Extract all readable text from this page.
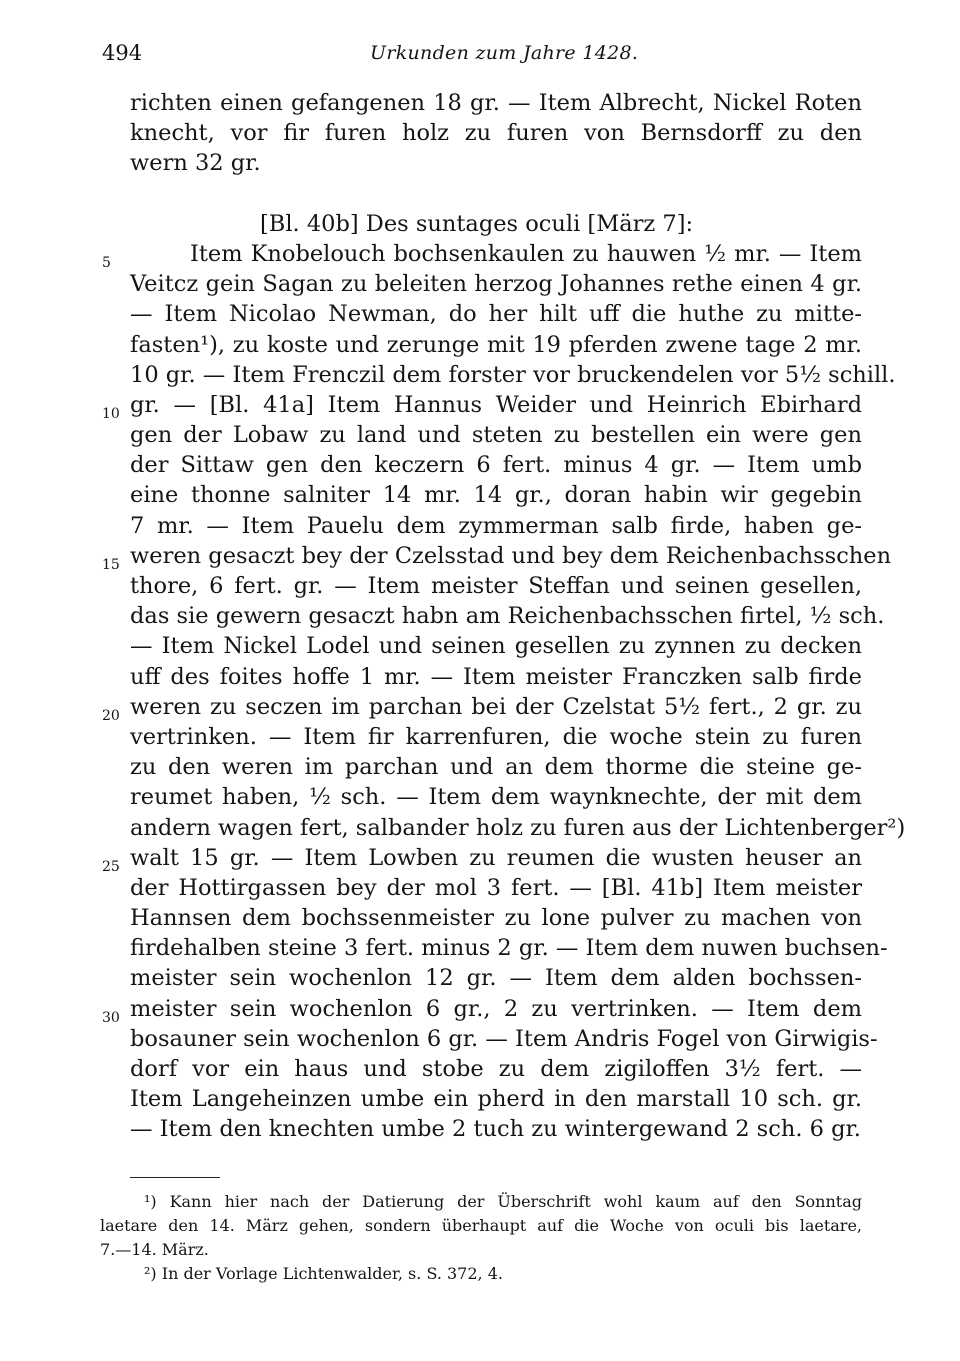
494	Urkunden zum Jahre 1428.
richten einen gefangenen 18 gr. — Item Albrecht, Nickel Roten
knecht, vor fir furen holz zu furen von Bernsdorff zu den
wern 32 gr.
[Bl. 40b] Des suntages oculi [März 7]:
Item Knobelouch bochsenkaulen zu hauwen ½ mr. — Item
Veitcz gein Sagan zu beleiten herzog Johannes rethe einen 4 gr.
— Item Nicolao Newman, do her hilt uff die huthe zu mitte-
fasten¹), zu koste und zerunge mit 19 pferden zwene tage 2 mr.
10 gr. — Item Frenczil dem forster vor bruckendelen vor 5½ schill.
gr. — [Bl. 41a] Item Hannus Weider und Heinrich Ebirhard
gen der Lobaw zu land und steten zu bestellen ein were gen
der Sittaw gen den keczern 6 fert. minus 4 gr. — Item umb
eine thonne salniter 14 mr. 14 gr., doran habin wir gegebin
7 mr. — Item Pauelu dem zymmerman salb firde, haben ge-
weren gesaczt bey der Czelsstad und bey dem Reichenbachsschen
thore, 6 fert. gr. — Item meister Steffan und seinen gesellen,
das sie gewern gesaczt habn am Reichenbachsschen firtel, ½ sch.
— Item Nickel Lodel und seinen gesellen zu zynnen zu decken
uff des foites hoffe 1 mr. — Item meister Franczken salb firde
weren zu seczen im parchan bei der Czelstat 5½ fert., 2 gr. zu
vertrinken. — Item fir karrenfuren, die woche stein zu furen
zu den weren im parchan und an dem thorme die steine ge-
reumet haben, ½ sch. — Item dem waynknechte, der mit dem
andern wagen fert, salbander holz zu furen aus der Lichtenberger²)
walt 15 gr. — Item Lowben zu reumen die wusten heuser an
der Hottirgassen bey der mol 3 fert. — [Bl. 41b] Item meister
Hannsen dem bochssenmeister zu lone pulver zu machen von
firdehalben steine 3 fert. minus 2 gr. — Item dem nuwen buchsen-
meister sein wochenlon 12 gr. — Item dem alden bochssen-
meister sein wochenlon 6 gr., 2 zu vertrinken. — Item dem
bosauner sein wochenlon 6 gr. — Item Andris Fogel von Girwigis-
dorf vor ein haus und stobe zu dem zigiloffen 3½ fert. —
Item Langeheinzen umbe ein pherd in den marstall 10 sch. gr.
— Item den knechten umbe 2 tuch zu wintergewand 2 sch. 6 gr.
5
10
15
20
25
30
¹) Kann hier nach der Datierung der Überschrift wohl kaum auf den Sonntag
laetare den 14. März gehen, sondern überhaupt auf die Woche von oculi bis laetare,
7.—14. März.
²) In der Vorlage Lichtenwalder, s. S. 372, 4.
